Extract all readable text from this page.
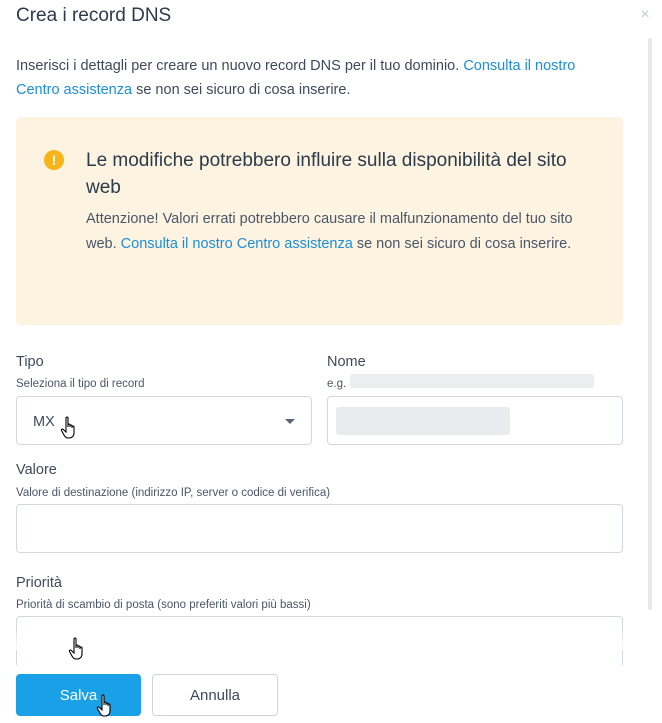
Crea i record DNS	×
Inserisci i dettagli per creare un nuovo record DNS per il tuo dominio. Consulta il nostro Centro assistenza se non sei sicuro di cosa inserire.
!	Le modifiche potrebbero influire sulla disponibilità del sito web
Attenzione! Valori errati potrebbero causare il malfunzionamento del tuo sito web. Consulta il nostro Centro assistenza se non sei sicuro di cosa inserire.
Tipo
Seleziona il tipo di record
MX
Nome
e.g.
Valore
Valore di destinazione (indirizzo IP, server o codice di verifica)
Priorità
Priorità di scambio di posta (sono preferiti valori più bassi)
Salva	Annulla
